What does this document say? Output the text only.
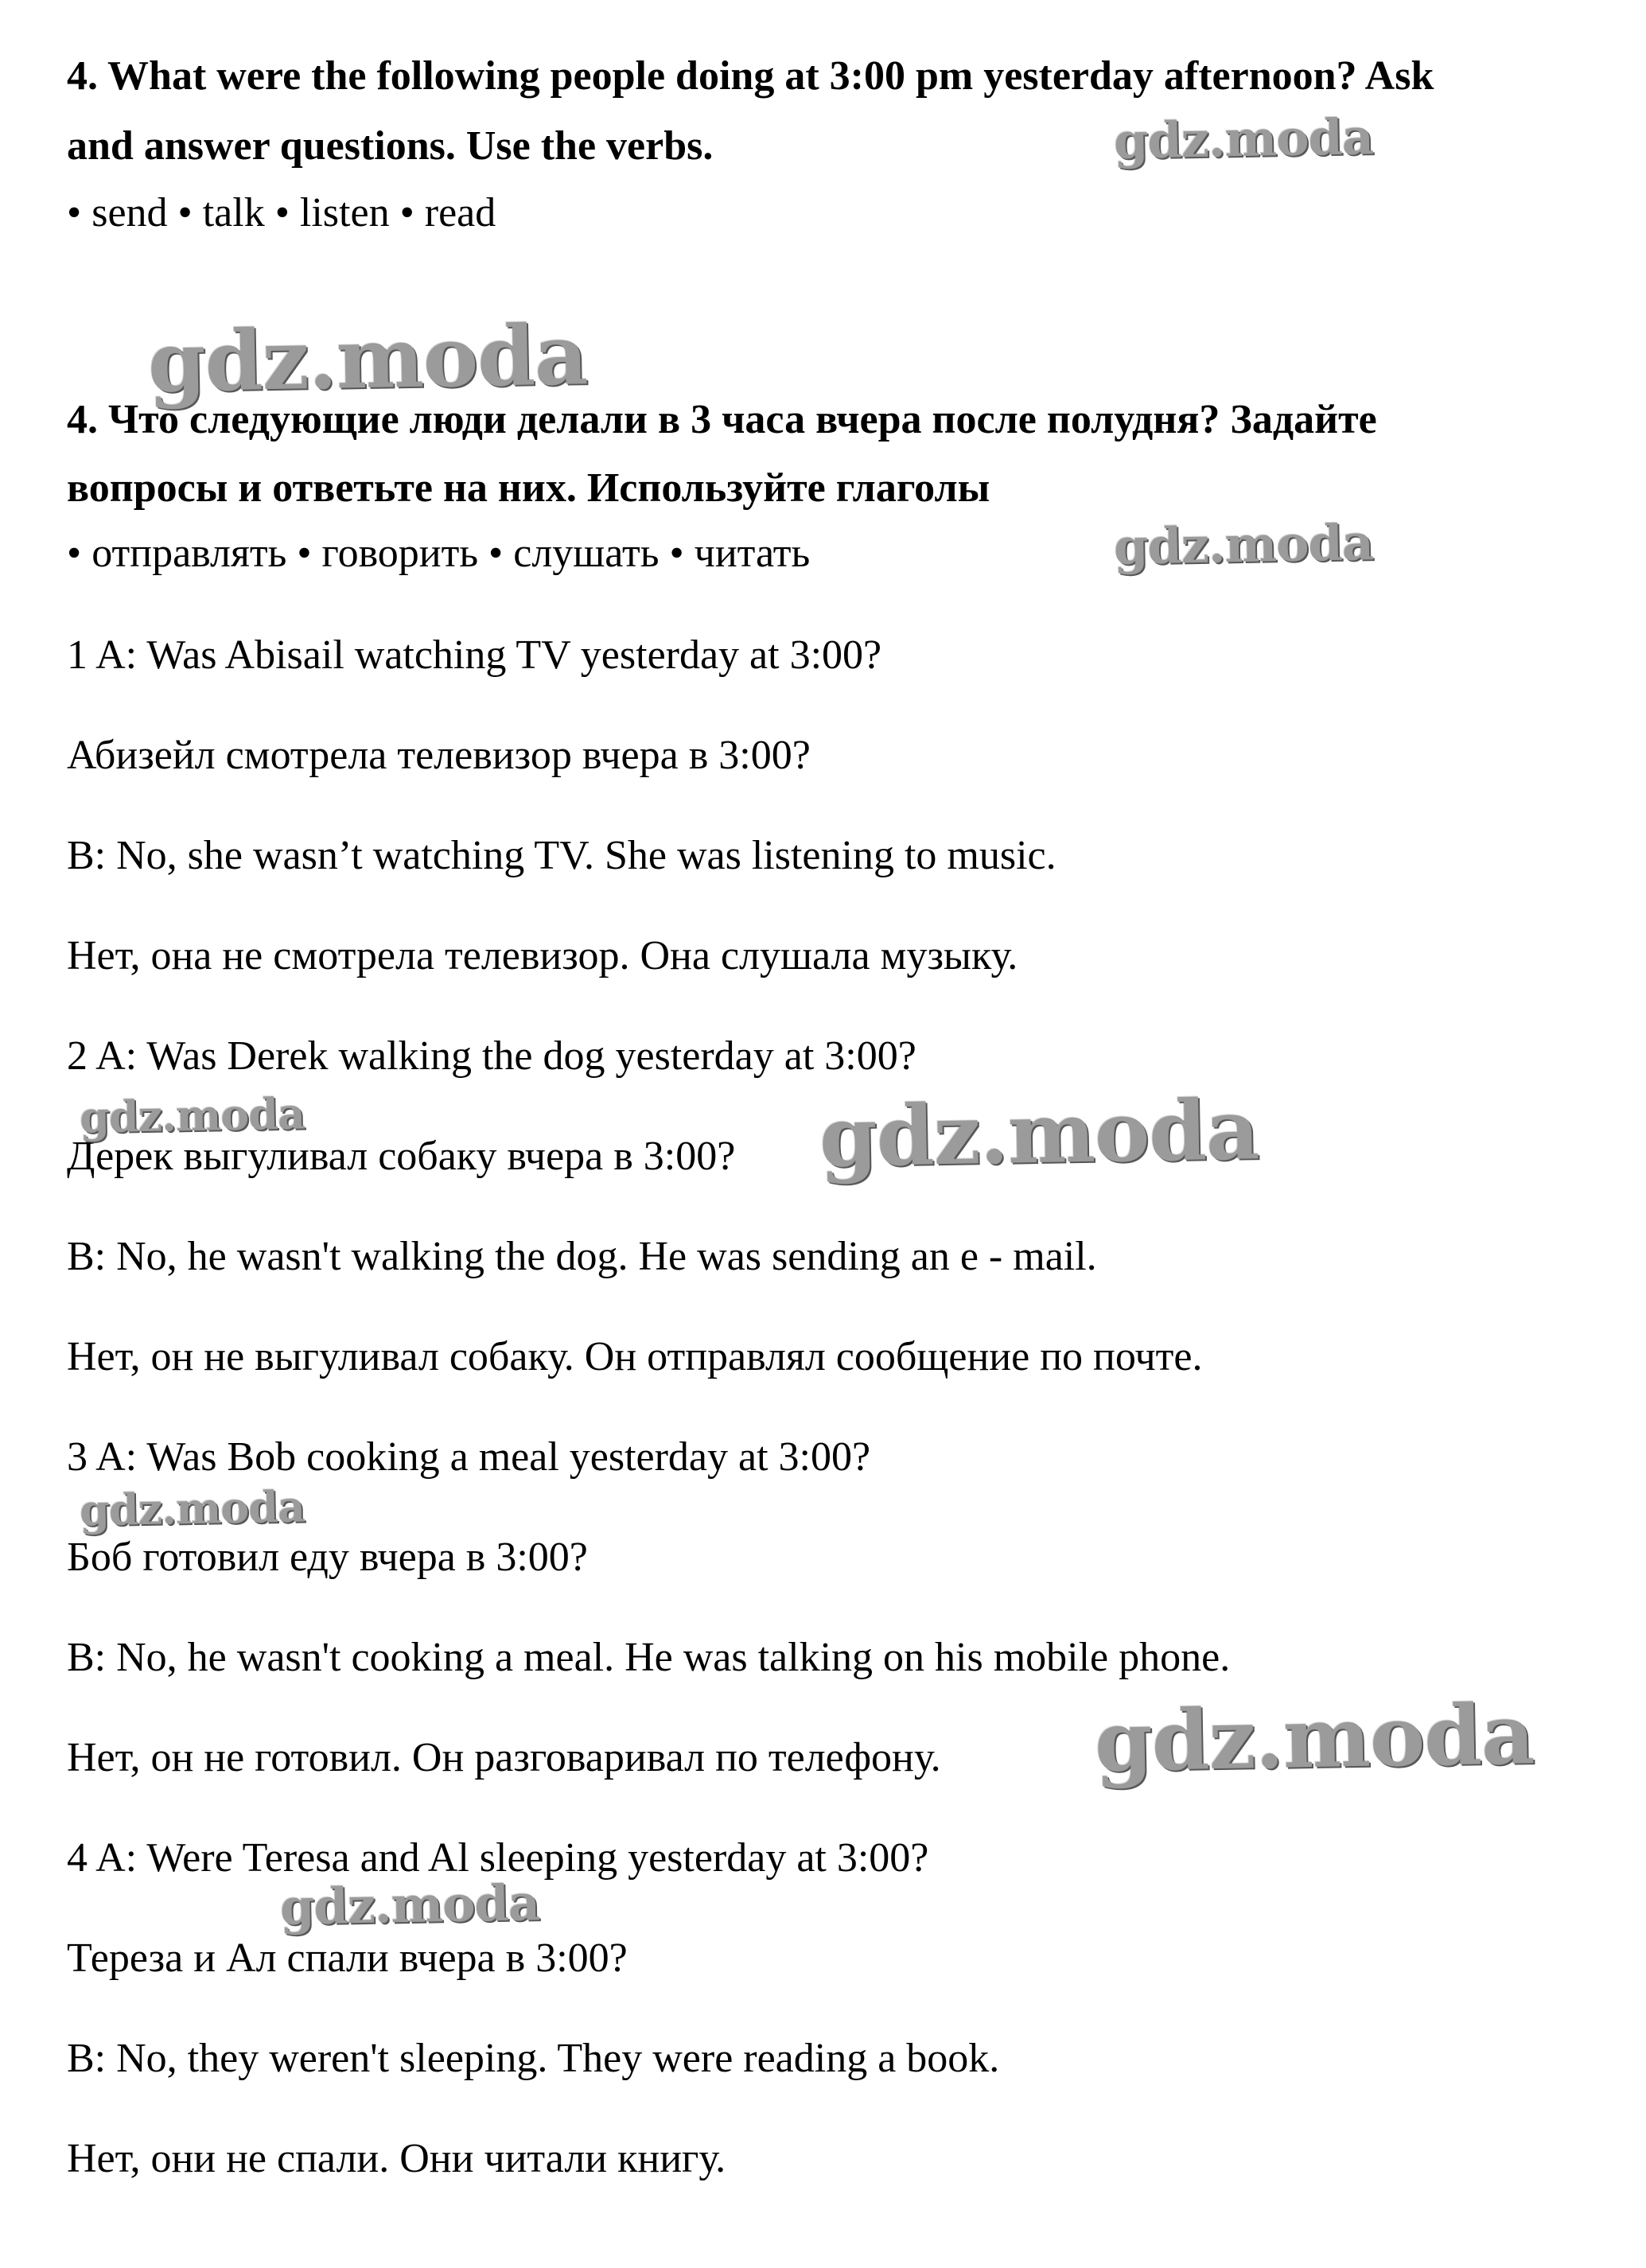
4. What were the following people doing at 3:00 pm yesterday afternoon? Ask
and answer questions. Use the verbs.
• send • talk • listen • read
4. Что следующие люди делали в 3 часа вчера после полудня? Задайте
вопросы и ответьте на них. Используйте глаголы
• отправлять • говорить • слушать • читать
1 A: Was Abisail watching TV yesterday at 3:00?
Абизейл смотрела телевизор вчера в 3:00?
B: No, she wasn’t watching TV. She was listening to music.
Нет, она не смотрела телевизор. Она слушала музыку.
2 A: Was Derek walking the dog yesterday at 3:00?
Дерек выгуливал собаку вчера в 3:00?
B: No, he wasn't walking the dog. He was sending an e - mail.
Нет, он не выгуливал собаку. Он отправлял сообщение по почте.
3 A: Was Bob cooking a meal yesterday at 3:00?
Боб готовил еду вчера в 3:00?
B: No, he wasn't cooking a meal. He was talking on his mobile phone.
Нет, он не готовил. Он разговаривал по телефону.
4 A: Were Teresa and Al sleeping yesterday at 3:00?
Тереза и Ал спали вчера в 3:00?
B: No, they weren't sleeping. They were reading a book.
Нет, они не спали. Они читали книгу.
gdz.moda
gdz.moda
gdz.moda
gdz.moda	gdz.moda
gdz.moda
gdz.moda
gdz.moda
